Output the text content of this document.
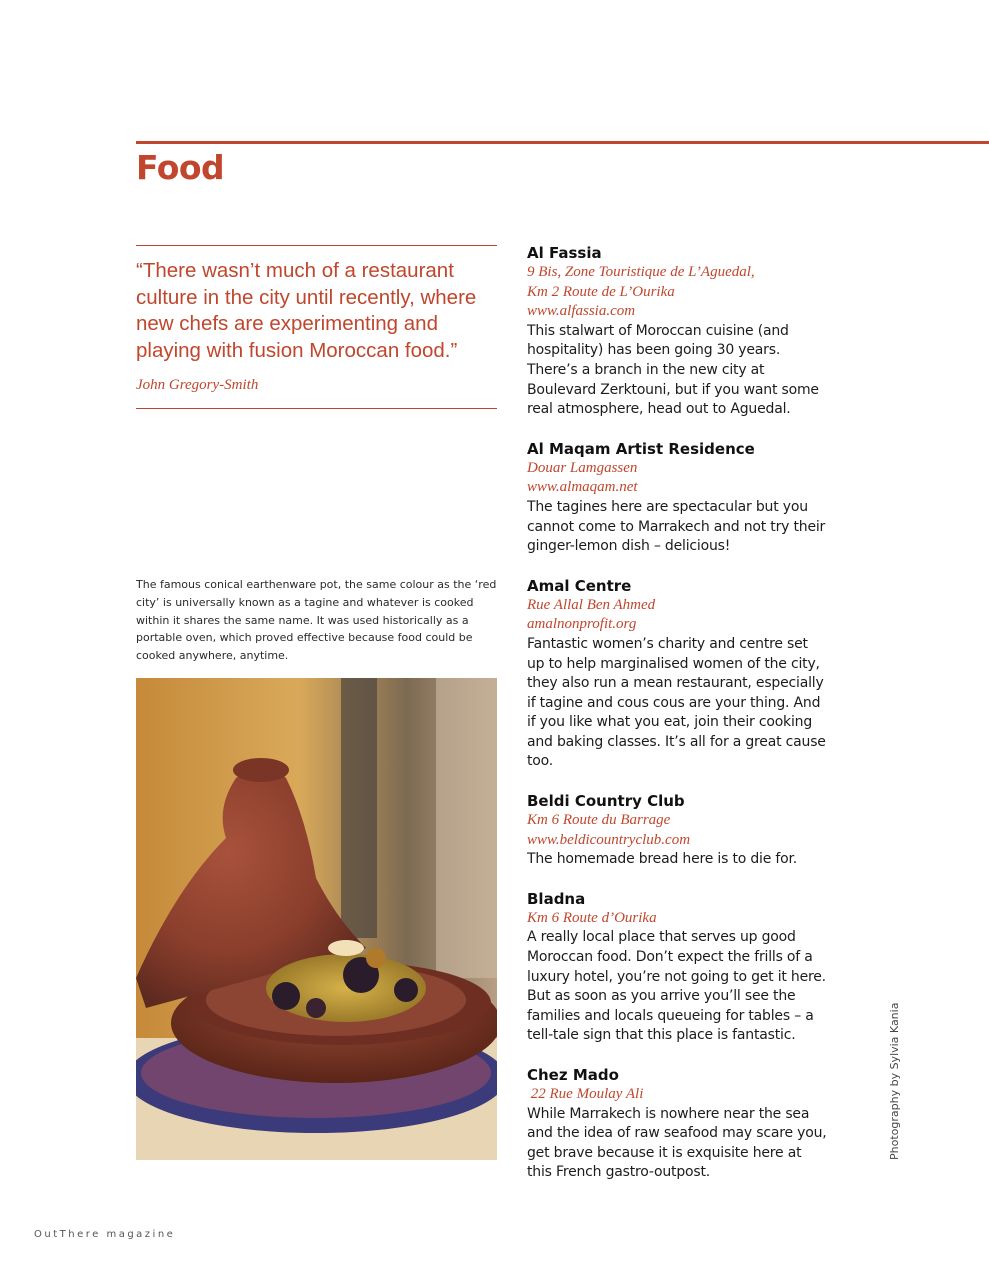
Food

“There wasn’t much of a restaurant culture in the city until recently, where new chefs are experimenting and playing with fusion Moroccan food.”

John Gregory-Smith

The famous conical earthenware pot, the same colour as the ‘red city’ is universally known as a tagine and whatever is cooked within it shares the same name. It was used historically as a portable oven, which proved effective because food could be cooked anywhere, anytime.

Al Fassia

9 Bis, Zone Touristique de L’Aguedal,
Km 2 Route de L’Ourika
www.alfassia.com

This stalwart of Moroccan cuisine (and hospitality) has been going 30 years. There’s a branch in the new city at Boulevard Zerktouni, but if you want some real atmosphere, head out to Aguedal.

Al Maqam Artist Residence

Douar Lamgassen
www.almaqam.net

The tagines here are spectacular but you cannot come to Marrakech and not try their ginger-lemon dish – delicious!

Amal Centre

Rue Allal Ben Ahmed
amalnonprofit.org

Fantastic women’s charity and centre set up to help marginalised women of the city, they also run a mean restaurant, especially if tagine and cous cous are your thing. And if you like what you eat, join their cooking and baking classes. It’s all for a great cause too.

Beldi Country Club

Km 6 Route du Barrage
www.beldicountryclub.com

The homemade bread here is to die for.

Bladna

Km 6 Route d’Ourika

A really local place that serves up good Moroccan food. Don’t expect the frills of a luxury hotel, you’re not going to get it here. But as soon as you arrive you’ll see the families and locals queueing for tables – a tell-tale sign that this place is fantastic.

Chez Mado

22 Rue Moulay Ali

While Marrakech is nowhere near the sea and the idea of raw seafood may scare you, get brave because it is exquisite here at this French gastro-outpost.

Photography by Sylvia Kania
OutThere magazine
